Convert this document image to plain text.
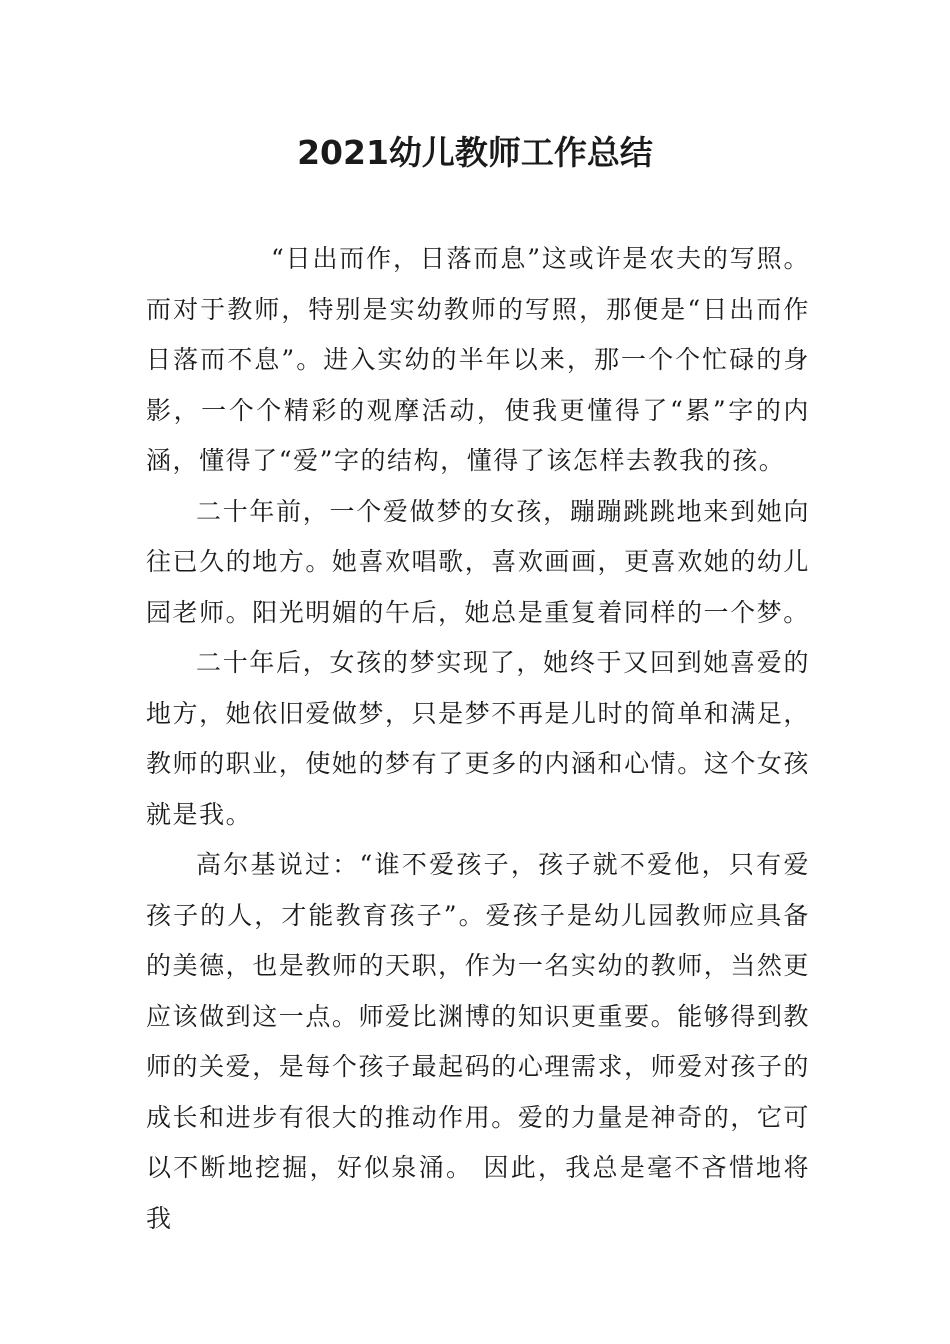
2021幼儿教师工作总结

“日出而作，日落而息”这或许是农夫的写照。而对于教师，特别是实幼教师的写照，那便是“日出而作日落而不息”。进入实幼的半年以来，那一个个忙碌的身影，一个个精彩的观摩活动，使我更懂得了“累”字的内涵，懂得了“爱”字的结构，懂得了该怎样去教我的孩。

二十年前，一个爱做梦的女孩，蹦蹦跳跳地来到她向往已久的地方。她喜欢唱歌，喜欢画画，更喜欢她的幼儿园老师。阳光明媚的午后，她总是重复着同样的一个梦。

二十年后，女孩的梦实现了，她终于又回到她喜爱的地方，她依旧爱做梦，只是梦不再是儿时的简单和满足，教师的职业，使她的梦有了更多的内涵和心情。这个女孩就是我。

高尔基说过：“谁不爱孩子，孩子就不爱他，只有爱孩子的人，才能教育孩子”。爱孩子是幼儿园教师应具备的美德，也是教师的天职，作为一名实幼的教师，当然更应该做到这一点。师爱比渊博的知识更重要。能够得到教师的关爱，是每个孩子最起码的心理需求，师爱对孩子的成长和进步有很大的推动作用。爱的力量是神奇的，它可以不断地挖掘，好似泉涌。 因此，我总是毫不吝惜地将我
